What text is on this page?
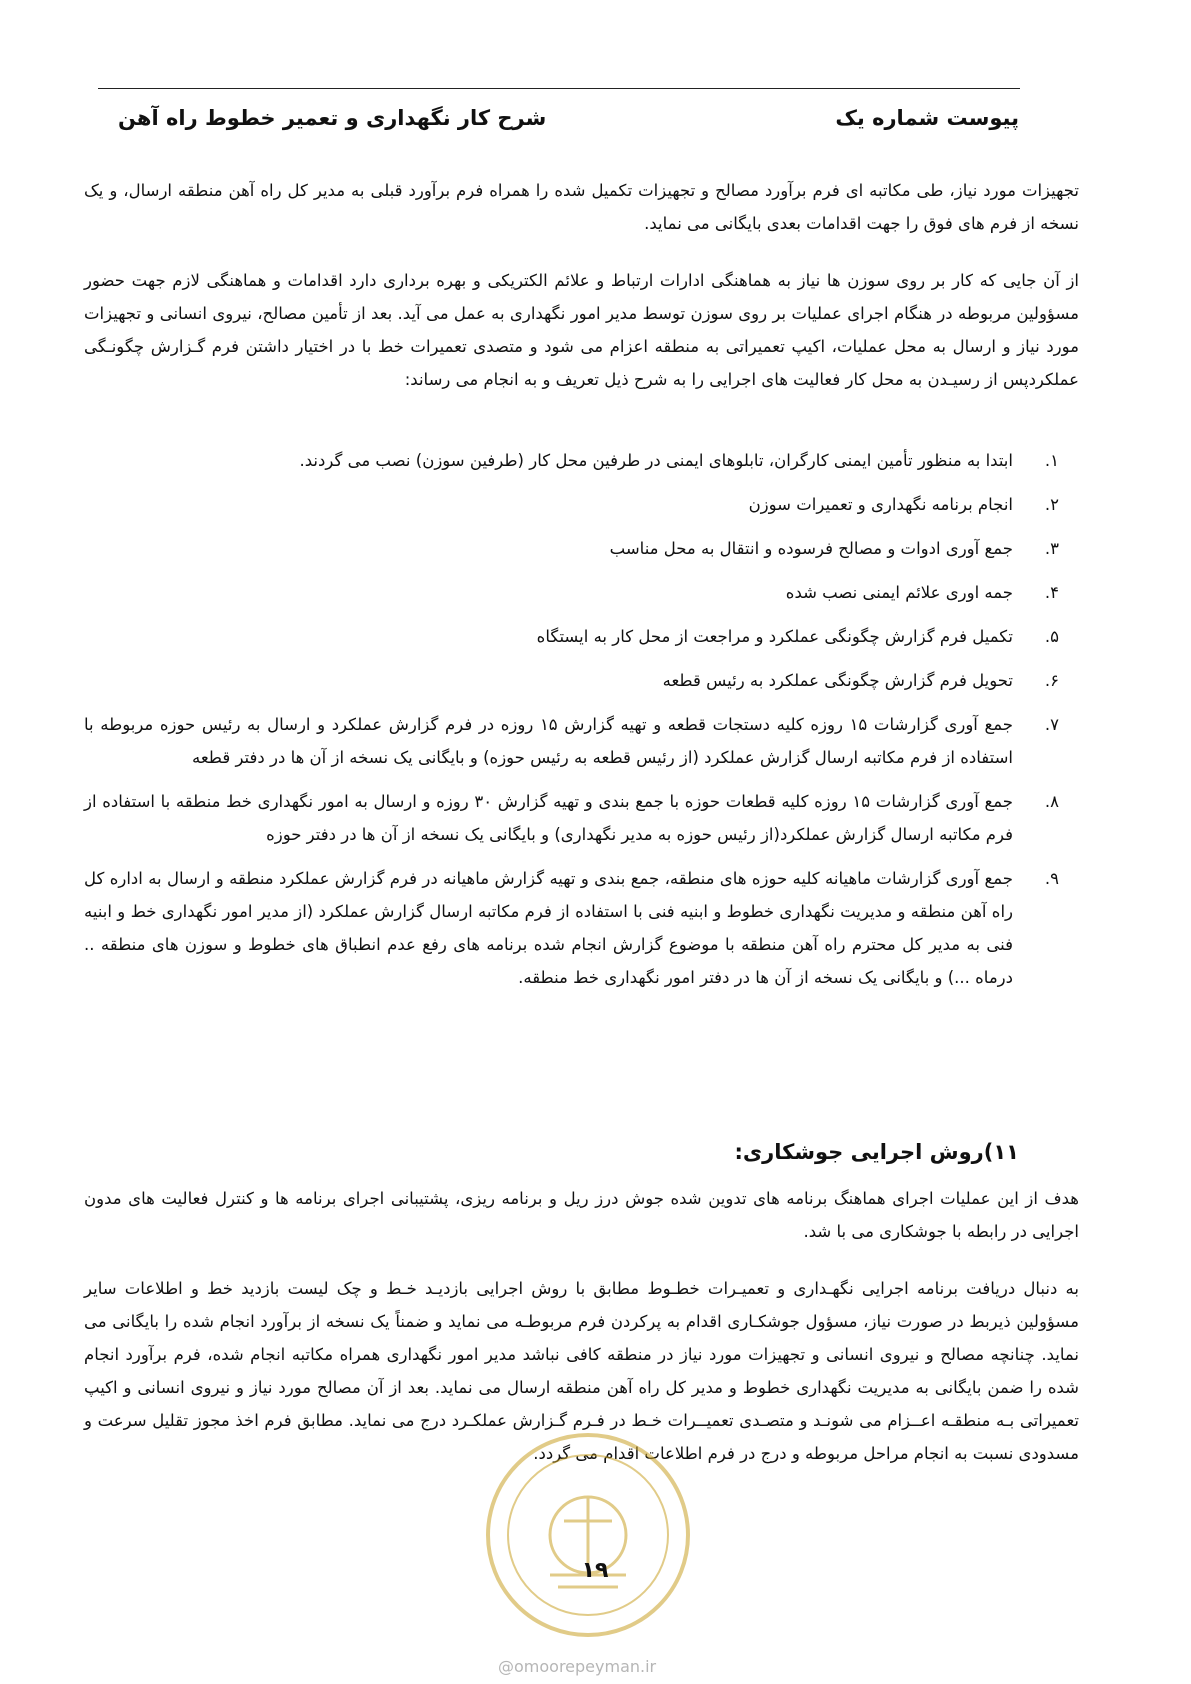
پیوست شماره یک
شرح کار نگهداری و تعمیر خطوط راه آهن

تجهیزات مورد نیاز، طی مکاتبه ای فرم برآورد مصالح و تجهیزات تکمیل شده را همراه فرم برآورد قبلی به مدیر کل راه آهن منطقه ارسال، و یک نسخه از فرم های فوق را جهت اقدامات بعدی بایگانی می نماید.

از آن جایی که کار بر روی سوزن ها نیاز به هماهنگی ادارات ارتباط و علائم الکتریکی و بهره برداری دارد اقدامات و هماهنگی لازم جهت حضور مسؤولین مربوطه در هنگام اجرای عملیات بر روی سوزن توسط مدیر امور نگهداری به عمل می آید. بعد از تأمین مصالح، نیروی انسانی و تجهیزات مورد نیاز و ارسال به محل عملیات، اکیپ تعمیراتی به منطقه اعزام می شود و متصدی تعمیرات خط با در اختیار داشتن فرم گـزارش چگونـگی عملکردپس از رسیـدن به محل کار فعالیت های اجرایی را به شرح ذیل تعریف و به انجام می رساند:

۱.
ابتدا به منظور تأمین ایمنی کارگران، تابلوهای ایمنی در طرفین محل کار (طرفین سوزن) نصب می گردند.
۲.
انجام برنامه نگهداری و تعمیرات سوزن
۳.
جمع آوری ادوات و مصالح فرسوده و انتقال به محل مناسب
۴.
جمه اوری علائم ایمنی نصب شده
۵.
تکمیل فرم گزارش چگونگی عملکرد و مراجعت از محل کار به ایستگاه
۶.
تحویل فرم گزارش چگونگی عملکرد به رئیس قطعه
۷.
جمع آوری گزارشات ۱۵ روزه کلیه دستجات قطعه و تهیه گزارش ۱۵ روزه در فرم گزارش عملکرد و ارسال به رئیس حوزه مربوطه با استفاده از فرم مکاتبه ارسال گزارش عملکرد (از رئیس قطعه به رئیس حوزه) و بایگانی یک نسخه از آن ها در دفتر قطعه
۸.
جمع آوری گزارشات ۱۵ روزه کلیه قطعات حوزه با جمع بندی و تهیه گزارش ۳۰ روزه و ارسال به امور نگهداری خط منطقه با استفاده از فرم مکاتبه ارسال گزارش عملکرد(از رئیس حوزه به مدیر نگهداری) و بایگانی یک نسخه از آن ها در دفتر حوزه
۹.
جمع آوری گزارشات ماهیانه کلیه حوزه های منطقه، جمع بندی و تهیه گزارش ماهیانه در فرم گزارش عملکرد منطقه و ارسال به اداره کل راه آهن منطقه و مدیریت نگهداری خطوط و ابنیه فنی با استفاده از فرم مکاتبه ارسال گزارش عملکرد (از مدیر امور نگهداری خط و ابنیه فنی به مدیر کل محترم راه آهن منطقه با موضوع گزارش انجام شده برنامه های رفع عدم انطباق های خطوط و سوزن های منطقه .. درماه ...) و بایگانی یک نسخه از آن ها در دفتر امور نگهداری خط منطقه.
۱۱)روش اجرایی جوشکاری:

هدف از این عملیات اجرای هماهنگ برنامه های تدوین شده جوش درز ریل و برنامه ریزی، پشتیبانی اجرای برنامه ها و کنترل فعالیت های مدون اجرایی در رابطه با جوشکاری می با شد.

به دنبال دریافت برنامه اجرایی نگهـداری و تعمیـرات خطـوط مطابق با روش اجرایی بازدیـد خـط و چک لیست بازدید خط و اطلاعات سایر مسؤولین ذیربط در صورت نیاز، مسؤول جوشکـاری اقدام به پرکردن فرم مربوطـه می نماید و ضمناً یک نسخه از برآورد انجام شده را بایگانی می نماید. چنانچه مصالح و نیروی انسانی و تجهیزات مورد نیاز در منطقه کافی نباشد مدیر امور نگهداری همراه مکاتبه انجام شده، فرم برآورد انجام شده را ضمن بایگانی به مدیریت نگهداری خطوط و مدیر کل راه آهن منطقه ارسال می نماید. بعد از آن مصالح مورد نیاز و نیروی انسانی و اکیپ تعمیراتی بـه منطقـه اعــزام می شونـد و متصـدی تعمیــرات خـط در فـرم گـزارش عملکـرد درج می نماید. مطابق فرم اخذ مجوز تقلیل سرعت و مسدودی نسبت به انجام مراحل مربوطه و درج در فرم اطلاعات اقدام می گردد.

۱۹
@omoorepeyman.ir
